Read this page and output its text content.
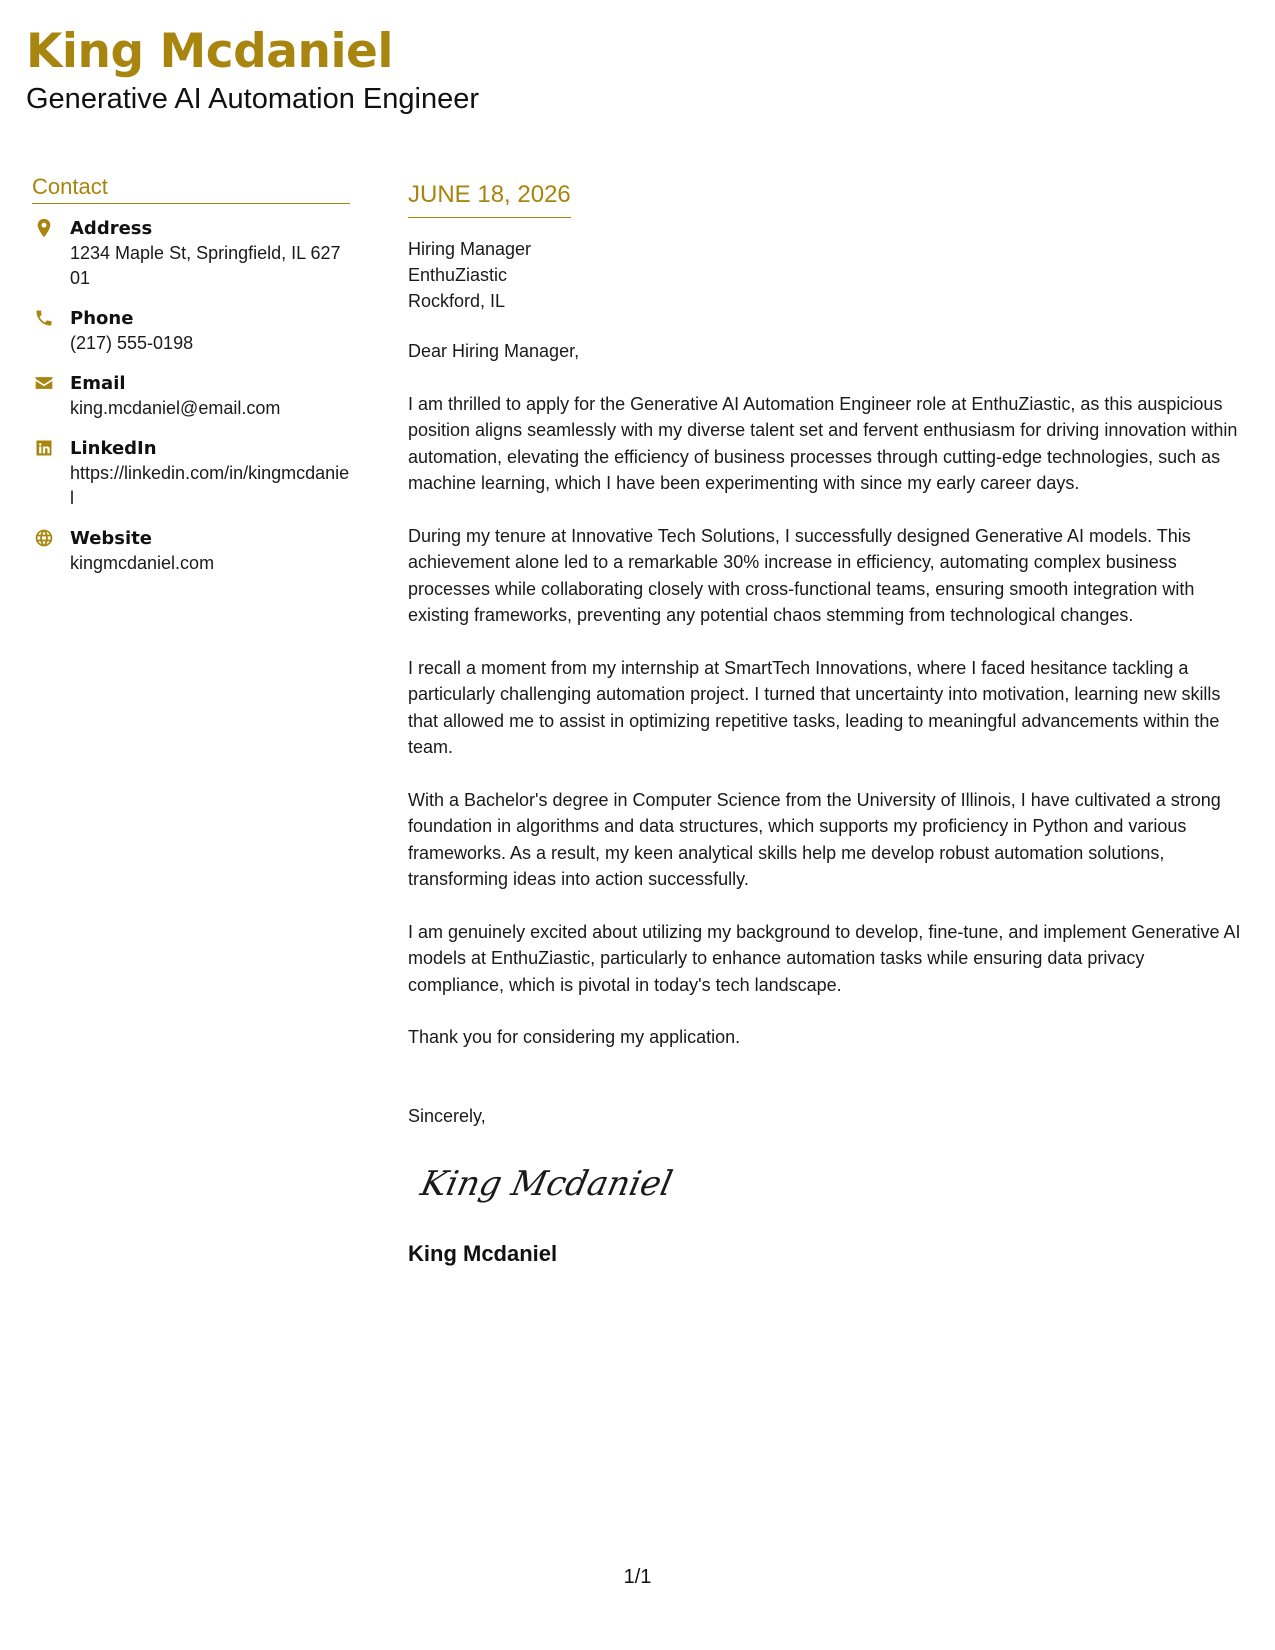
King Mcdaniel
Generative AI Automation Engineer
Contact
Address
1234 Maple St, Springfield, IL 62701
Phone
(217) 555-0198
Email
king.mcdaniel@email.com
LinkedIn
https://linkedin.com/in/kingmcdaniel
Website
kingmcdaniel.com
JUNE 18, 2026
Hiring Manager
EnthuZiastic
Rockford, IL

Dear Hiring Manager,

I am thrilled to apply for the Generative AI Automation Engineer role at EnthuZiastic, as this auspicious position aligns seamlessly with my diverse talent set and fervent enthusiasm for driving innovation within automation, elevating the efficiency of business processes through cutting-edge technologies, such as machine learning, which I have been experimenting with since my early career days.

During my tenure at Innovative Tech Solutions, I successfully designed Generative AI models. This achievement alone led to a remarkable 30% increase in efficiency, automating complex business processes while collaborating closely with cross-functional teams, ensuring smooth integration with existing frameworks, preventing any potential chaos stemming from technological changes.

I recall a moment from my internship at SmartTech Innovations, where I faced hesitance tackling a particularly challenging automation project. I turned that uncertainty into motivation, learning new skills that allowed me to assist in optimizing repetitive tasks, leading to meaningful advancements within the team.

With a Bachelor's degree in Computer Science from the University of Illinois, I have cultivated a strong foundation in algorithms and data structures, which supports my proficiency in Python and various frameworks. As a result, my keen analytical skills help me develop robust automation solutions, transforming ideas into action successfully.

I am genuinely excited about utilizing my background to develop, fine-tune, and implement Generative AI models at EnthuZiastic, particularly to enhance automation tasks while ensuring data privacy compliance, which is pivotal in today's tech landscape.

Thank you for considering my application.

Sincerely,
King Mcdaniel
King Mcdaniel
1/1
